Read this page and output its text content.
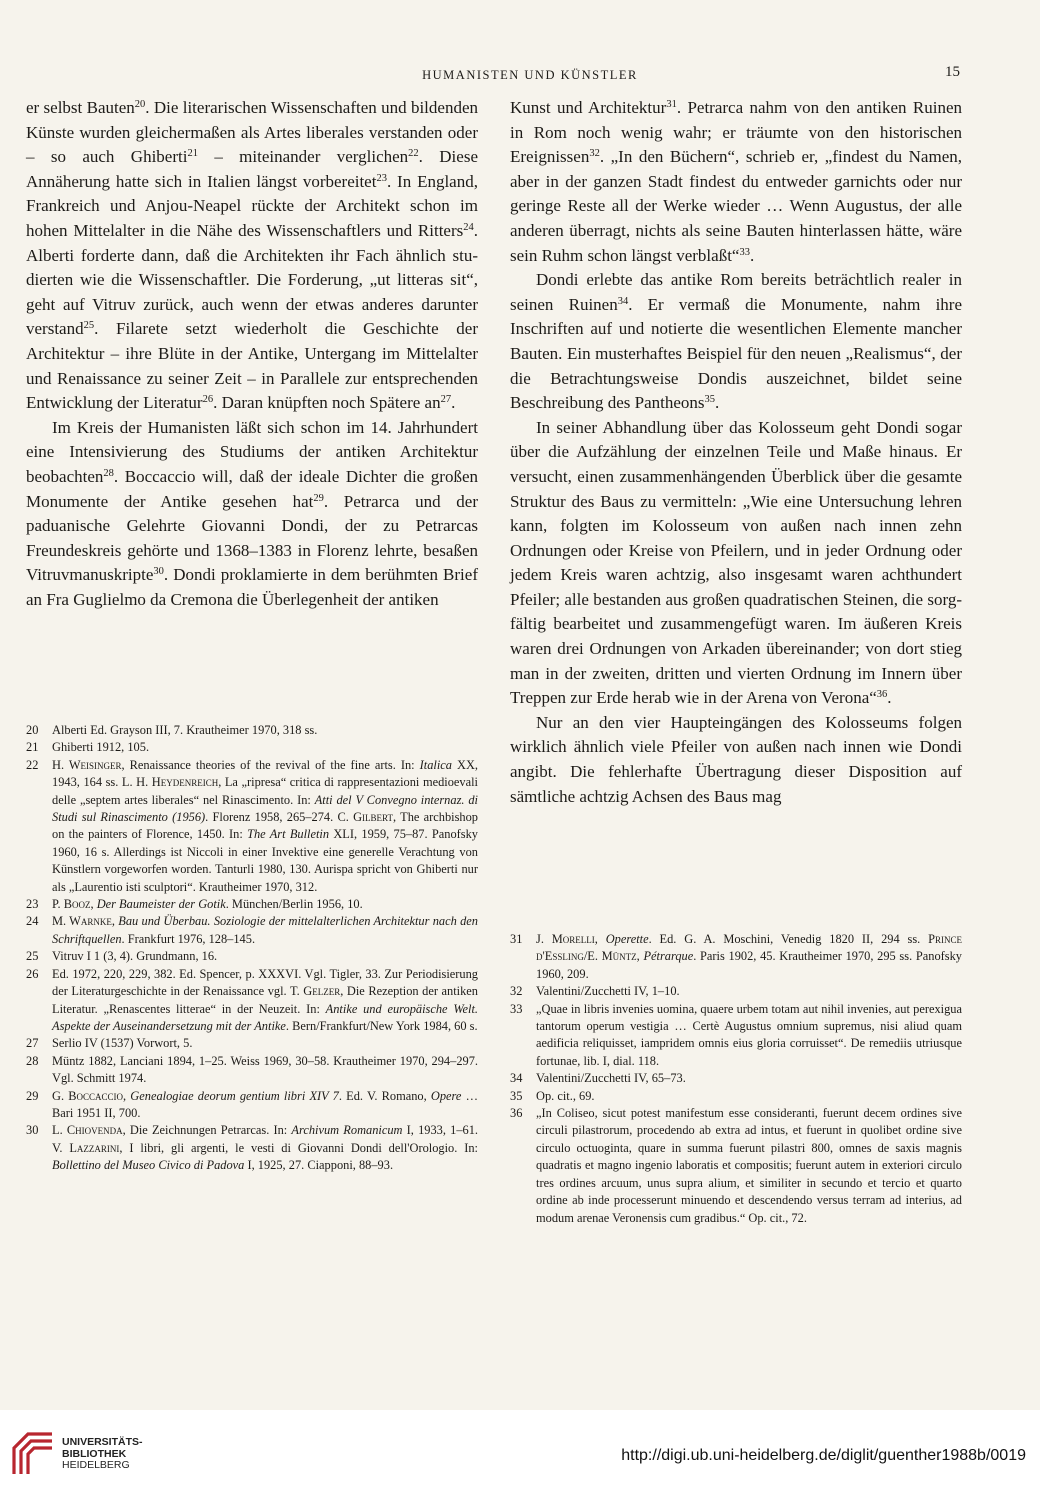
HUMANISTEN UND KÜNSTLER	15

er selbst Bauten$^{20}$. Die literarischen Wissenschaften und bildenden Künste wurden gleichermaßen als Artes liberales verstanden oder – so auch Ghiberti$^{21}$ – miteinander verglichen$^{22}$. Diese Annäherung hatte sich in Italien längst vorbereitet$^{23}$. In England, Frankreich und Anjou-Neapel rückte der Architekt schon im hohen Mittelalter in die Nähe des Wissenschaftlers und Ritters$^{24}$. Alberti forderte dann, daß die Architekten ihr Fach ähnlich studierten wie die Wissenschaftler. Die Forderung, „ut litteras sit“, geht auf Vitruv zurück, auch wenn der etwas anderes darunter verstand$^{25}$. Filarete setzt wiederholt die Geschichte der Architektur – ihre Blüte in der Antike, Untergang im Mittelalter und Renaissance zu seiner Zeit – in Parallele zur entsprechenden Entwicklung der Literatur$^{26}$. Daran knüpften noch Spätere $an^{27}$.

Im Kreis der Humanisten läßt sich schon im 14. Jahrhundert eine Intensivierung des Studiums der antiken Architektur beobachten$^{28}$. Boccaccio will, daß der ideale Dichter die großen Monumente der Antike gesehen hat$^{29}$. Petrarca und der paduanische Gelehrte Giovanni Dondi, der zu Petrarcas Freundeskreis gehörte und 1368–1383 in Florenz lehrte, besaßen Vitruvmanuskripte$^{30}$. Dondi proklamierte in dem berühmten Brief an Fra Guglielmo da Cremona die Überlegenheit der antiken

Kunst und Architektur$^{31}$. Petrarca nahm von den antiken Ruinen in Rom noch wenig wahr; er träumte von den historischen Ereignissen$^{32}$. „In den Büchern“, schrieb er, „findest du Namen, aber in der ganzen Stadt findest du entweder garnichts oder nur geringe Reste all der Werke wieder … Wenn Augustus, der alle anderen überragt, nichts als seine Bauten hinterlassen hätte, wäre sein Ruhm schon längst verblaßt“$^{33}$.

Dondi erlebte das antike Rom bereits beträchtlich realer in seinen Ruinen$^{34}$. Er vermaß die Monumente, nahm ihre Inschriften auf und notierte die wesentlichen Elemente mancher Bauten. Ein musterhaftes Beispiel für den neuen „Realismus“, der die Betrachtungsweise Dondis auszeichnet, bildet seine Beschreibung des Pantheons$^{35}$.

In seiner Abhandlung über das Kolosseum geht Dondi sogar über die Aufzählung der einzelnen Teile und Maße hinaus. Er versucht, einen zusammenhängenden Überblick über die gesamte Struktur des Baus zu vermitteln: „Wie eine Untersuchung lehren kann, folgten im Kolosseum von außen nach innen zehn Ordnungen oder Kreise von Pfeilern, und in jeder Ordnung oder jedem Kreis waren achtzig, also insgesamt waren achthundert Pfeiler; alle bestanden aus großen quadratischen Steinen, die sorgfältig bearbeitet und zusammengefügt waren. Im äußeren Kreis waren drei Ordnungen von Arkaden übereinander; von dort stieg man in der zweiten, dritten und vierten Ordnung im Innern über Treppen zur Erde herab wie in der Arena von Verona“$^{36}$.

Nur an den vier Haupteingängen des Kolosseums folgen wirklich ähnlich viele Pfeiler von außen nach innen wie Dondi angibt. Die fehlerhafte Übertragung dieser Disposition auf sämtliche achtzig Achsen des Baus mag

20	Alberti Ed. Grayson III, 7. Krautheimer 1970, 318 ss.
21	Ghiberti 1912, 105.
22	H. Weisinger, Renaissance theories of the revival of the fine arts. In: Italica XX, 1943, 164 ss. L. H. Heydenreich, La „ripresa“ critica di rappresentazioni medioevali delle „septem artes liberales“ nel Rinascimento. In: Atti del V Convegno internaz. di Studi sul Rinascimento (1956). Florenz 1958, 265–274. C. Gilbert, The archbishop on the painters of Florence, 1450. In: The Art Bulletin XLI, 1959, 75–87. Panofsky 1960, 16 s. Allerdings ist Niccoli in einer Invektive eine generelle Verachtung von Künstlern vorgeworfen worden. Tanturli 1980, 130. Aurispa spricht von Ghiberti nur als „Laurentio isti sculptori“. Krautheimer 1970, 312.
23	P. Booz, Der Baumeister der Gotik. München/Berlin 1956, 10.
24	M. Warnke, Bau und Überbau. Soziologie der mittelalterlichen Architektur nach den Schriftquellen. Frankfurt 1976, 128–145.
25	Vitruv I 1 (3, 4). Grundmann, 16.
26	Ed. 1972, 220, 229, 382. Ed. Spencer, p. XXXVI. Vgl. Tigler, 33. Zur Periodisierung der Literaturgeschichte in der Renaissance vgl. T. Gelzer, Die Rezeption der antiken Literatur. „Renascentes litterae“ in der Neuzeit. In: Antike und europäische Welt. Aspekte der Auseinandersetzung mit der Antike. Bern/Frankfurt/New York 1984, 60 s.
27	Serlio IV (1537) Vorwort, 5.
28	Müntz 1882, Lanciani 1894, 1–25. Weiss 1969, 30–58. Krautheimer 1970, 294–297. Vgl. Schmitt 1974.
29	G. Boccaccio, Genealogiae deorum gentium libri XIV 7. Ed. V. Romano, Opere … Bari 1951 II, 700.
30	L. Chiovenda, Die Zeichnungen Petrarcas. In: Archivum Romanicum I, 1933, 1–61. V. Lazzarini, I libri, gli argenti, le vesti di Giovanni Dondi dell'Orologio. In: Bollettino del Museo Civico di Padova I, 1925, 27. Ciapponi, 88–93.
31	J. Morelli, Operette. Ed. G. A. Moschini, Venedig 1820 II, 294 ss. Prince d'Essling/E. Müntz, Pétrarque. Paris 1902, 45. Krautheimer 1970, 295 ss. Panofsky 1960, 209.
32	Valentini/Zucchetti IV, 1–10.
33	„Quae in libris invenies uomina, quaere urbem totam aut nihil invenies, aut perexigua tantorum operum vestigia … Certè Augustus omnium supremus, nisi aliud quam aedificia reliquisset, iampridem omnis eius gloria corruisset“. De remediis utriusque fortunae, lib. I, dial. 118.
34	Valentini/Zucchetti IV, 65–73.
35	Op. cit., 69.
36	„In Coliseo, sicut potest manifestum esse consideranti, fuerunt decem ordines sive circuli pilastrorum, procedendo ab extra ad intus, et fuerunt in quolibet ordine sive circulo octuoginta, quare in summa fuerunt pilastri 800, omnes de saxis magnis quadratis et magno ingenio laboratis et compositis; fuerunt autem in exteriori circulo tres ordines arcuum, unus supra alium, et similiter in secundo et tercio et quarto ordine ab inde processerunt minuendo et descendendo versus terram ad interius, ad modum arenae Veronensis cum gradibus.“ Op. cit., 72.
UNIVERSITÄTS-
BIBLIOTHEK
HEIDELBERG
http://digi.ub.uni-heidelberg.de/diglit/guenther1988b/0019
